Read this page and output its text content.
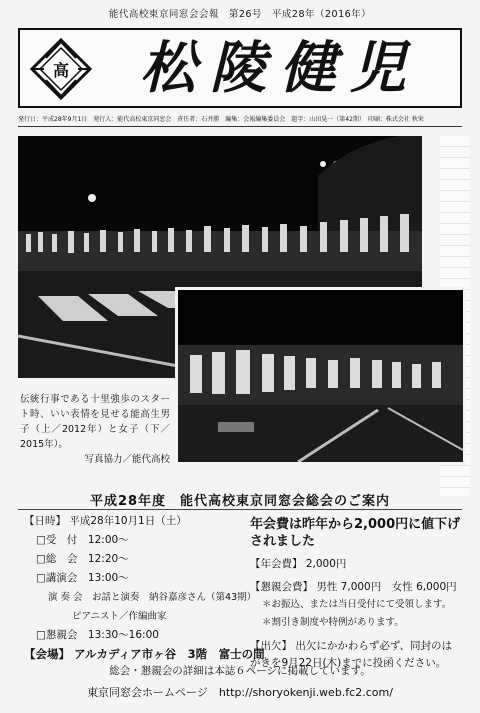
能代高校東京同窓会会報　第26号　平成28年（2016年）
高	松陵健児
発行日：平成28年9月1日　発行人：能代高校東京同窓会　責任者：石井勝　編集：会報編集委員会　題字：山田晃一（第42期）　印刷：株式会社 秋栄
伝統行事である十里強歩のスタート時、いい表情を見せる能高生男子（上／2012年）と女子（下／2015年）。
写真協力／能代高校
平成28年度　能代高校東京同窓会総会のご案内
【日時】 平成28年10月1日（土）
□受　付　12:00～
□総　会　12:20～
□講演会　13:00～
演 奏 会　お話と演奏　納谷嘉彦さん（第43期）
ピアニスト／作編曲家
□懇親会　13:30～16:00
【会場】 アルカディア市ヶ谷　3階　富士の間
年会費は昨年から2,000円に値下げされました
【年会費】 2,000円
【懇親会費】 男性 7,000円　女性 6,000円
＊お振込、または当日受付にて受領します。
＊割引き制度や特例があります。
【出欠】 出欠にかかわらず必ず、同封のはがきを9月22日(木)までに投函ください。
総会・懇親会の詳細は本誌６ページに掲載しています。
東京同窓会ホームページ　http://shoryokenji.web.fc2.com/
